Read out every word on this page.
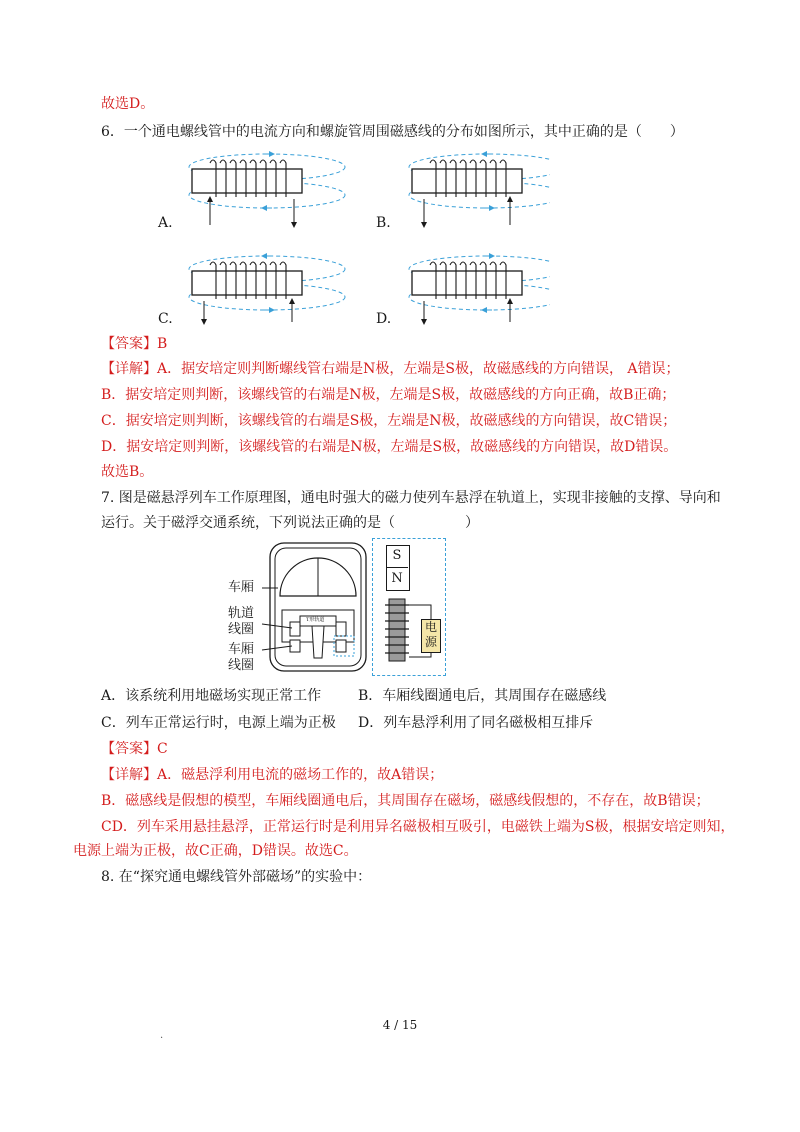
故选D。
6．一个通电螺线管中的电流方向和螺旋管周围磁感线的分布如图所示，其中正确的是（　　）
A.	B.
C.	D.
【答案】B
【详解】A．据安培定则判断螺线管右端是N极，左端是S极，故磁感线的方向错误， A错误；
B．据安培定则判断，该螺线管的右端是N极，左端是S极，故磁感线的方向正确，故B正确；
C．据安培定则判断，该螺线管的右端是S极，左端是N极，故磁感线的方向错误，故C错误；
D．据安培定则判断，该螺线管的右端是N极，左端是S极，故磁感线的方向错误，故D错误。
故选B。
7. 图是磁悬浮列车工作原理图，通电时强大的磁力使列车悬浮在轨道上，实现非接触的支撑、导向和
运行。关于磁浮交通系统，下列说法正确的是（　　　　　）
车厢
轨道
线圈
车厢
线圈
T形轨道
S
N
电
源
A．该系统利用地磁场实现正常工作	B．车厢线圈通电后，其周围存在磁感线
C．列车正常运行时，电源上端为正极 D．列车悬浮利用了同名磁极相互排斥
【答案】C
【详解】A．磁悬浮利用电流的磁场工作的，故A错误；
B．磁感线是假想的模型，车厢线圈通电后，其周围存在磁场，磁感线假想的，不存在，故B错误；
CD．列车采用悬挂悬浮，正常运行时是利用异名磁极相互吸引，电磁铁上端为S极，根据安培定则知，
电源上端为正极，故C正确，D错误。故选C。
8. 在“探究通电螺线管外部磁场”的实验中：
.
4 / 15
